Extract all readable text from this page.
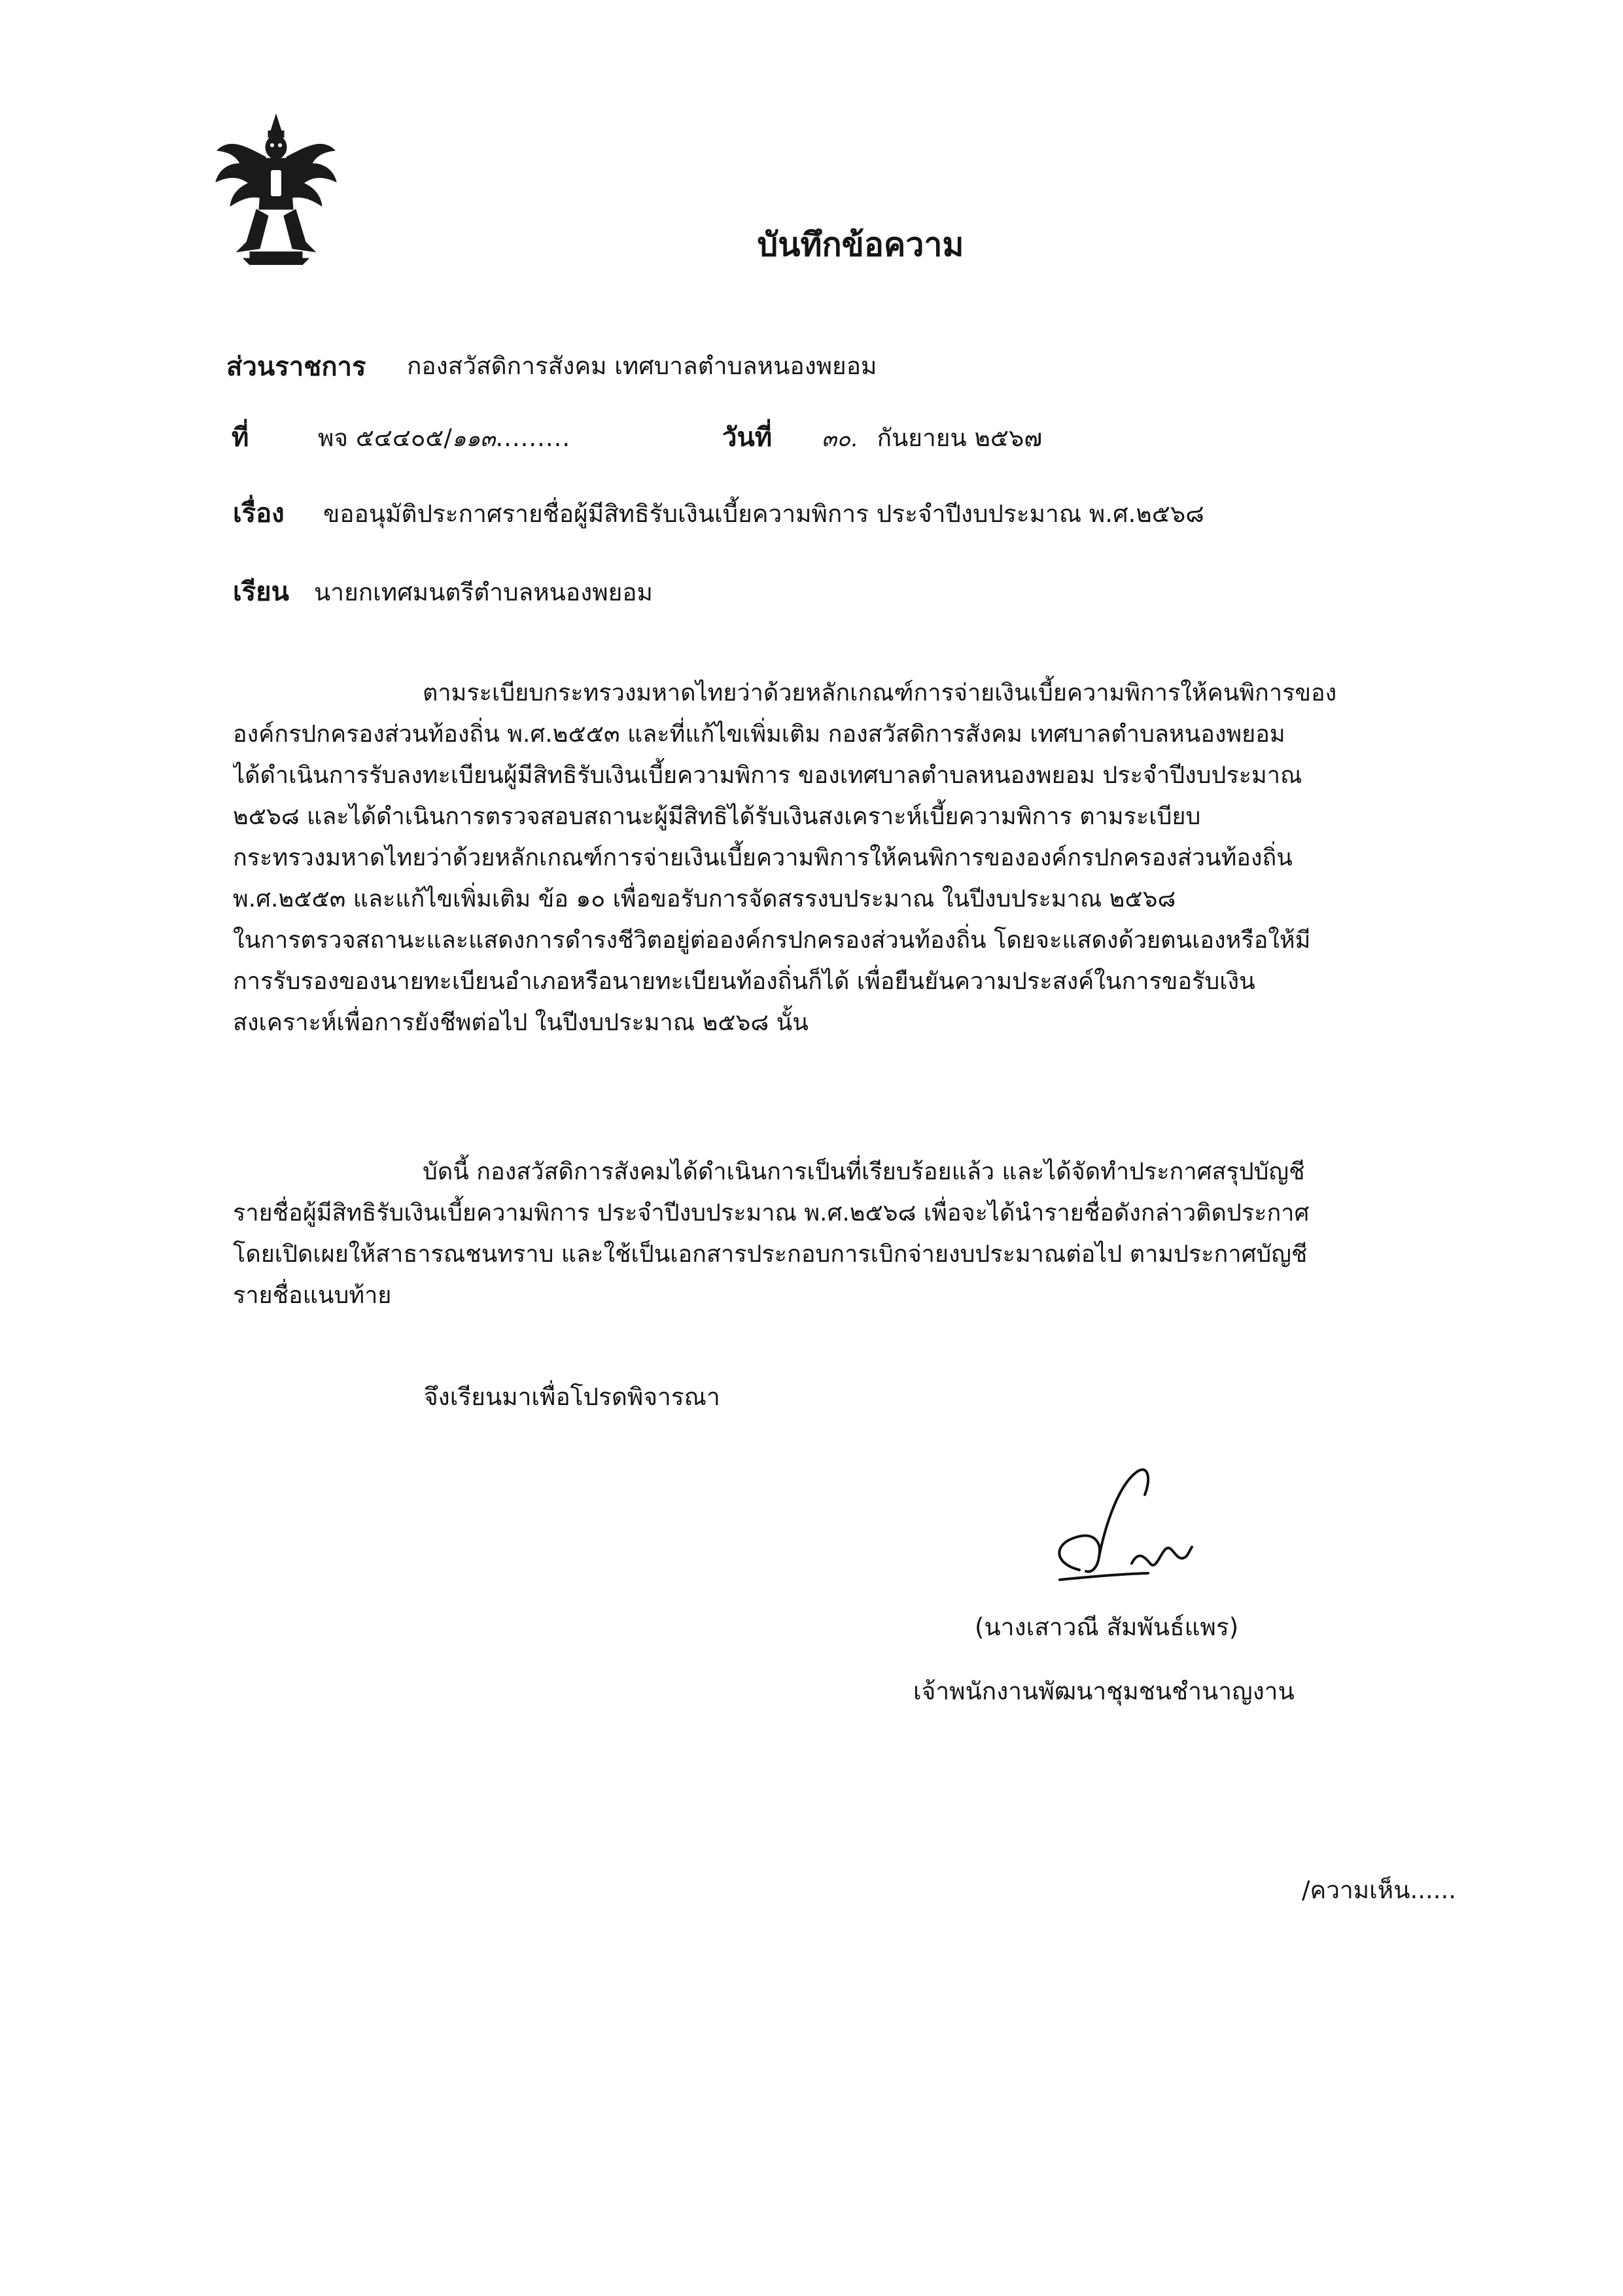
บันทึกข้อความ
ส่วนราชการ กองสวัสดิการสังคม เทศบาลตำบลหนองพยอม
ที่	พจ ๕๔๔๐๕/๑๑๓.........	วันที่ ๓๐. กันยายน ๒๕๖๗
เรื่อง ขออนุมัติประกาศรายชื่อผู้มีสิทธิรับเงินเบี้ยความพิการ ประจำปีงบประมาณ พ.ศ.๒๕๖๘
เรียน นายกเทศมนตรีตำบลหนองพยอม
ตามระเบียบกระทรวงมหาดไทยว่าด้วยหลักเกณฑ์การจ่ายเงินเบี้ยความพิการให้คนพิการของ
องค์กรปกครองส่วนท้องถิ่น พ.ศ.๒๕๕๓ และที่แก้ไขเพิ่มเติม กองสวัสดิการสังคม เทศบาลตำบลหนองพยอม
ได้ดำเนินการรับลงทะเบียนผู้มีสิทธิรับเงินเบี้ยความพิการ ของเทศบาลตำบลหนองพยอม ประจำปีงบประมาณ
๒๕๖๘ และได้ดำเนินการตรวจสอบสถานะผู้มีสิทธิได้รับเงินสงเคราะห์เบี้ยความพิการ ตามระเบียบ
กระทรวงมหาดไทยว่าด้วยหลักเกณฑ์การจ่ายเงินเบี้ยความพิการให้คนพิการขององค์กรปกครองส่วนท้องถิ่น
พ.ศ.๒๕๕๓ และแก้ไขเพิ่มเติม ข้อ ๑๐ เพื่อขอรับการจัดสรรงบประมาณ ในปีงบประมาณ ๒๕๖๘
ในการตรวจสถานะและแสดงการดำรงชีวิตอยู่ต่อองค์กรปกครองส่วนท้องถิ่น โดยจะแสดงด้วยตนเองหรือให้มี
การรับรองของนายทะเบียนอำเภอหรือนายทะเบียนท้องถิ่นก็ได้ เพื่อยืนยันความประสงค์ในการขอรับเงิน
สงเคราะห์เพื่อการยังชีพต่อไป ในปีงบประมาณ ๒๕๖๘ นั้น
บัดนี้ กองสวัสดิการสังคมได้ดำเนินการเป็นที่เรียบร้อยแล้ว และได้จัดทำประกาศสรุปบัญชี
รายชื่อผู้มีสิทธิรับเงินเบี้ยความพิการ ประจำปีงบประมาณ พ.ศ.๒๕๖๘ เพื่อจะได้นำรายชื่อดังกล่าวติดประกาศ
โดยเปิดเผยให้สาธารณชนทราบ และใช้เป็นเอกสารประกอบการเบิกจ่ายงบประมาณต่อไป ตามประกาศบัญชี
รายชื่อแนบท้าย
จึงเรียนมาเพื่อโปรดพิจารณา
(นางเสาวณี สัมพันธ์แพร)
เจ้าพนักงานพัฒนาชุมชนชำนาญงาน
/ความเห็น......
